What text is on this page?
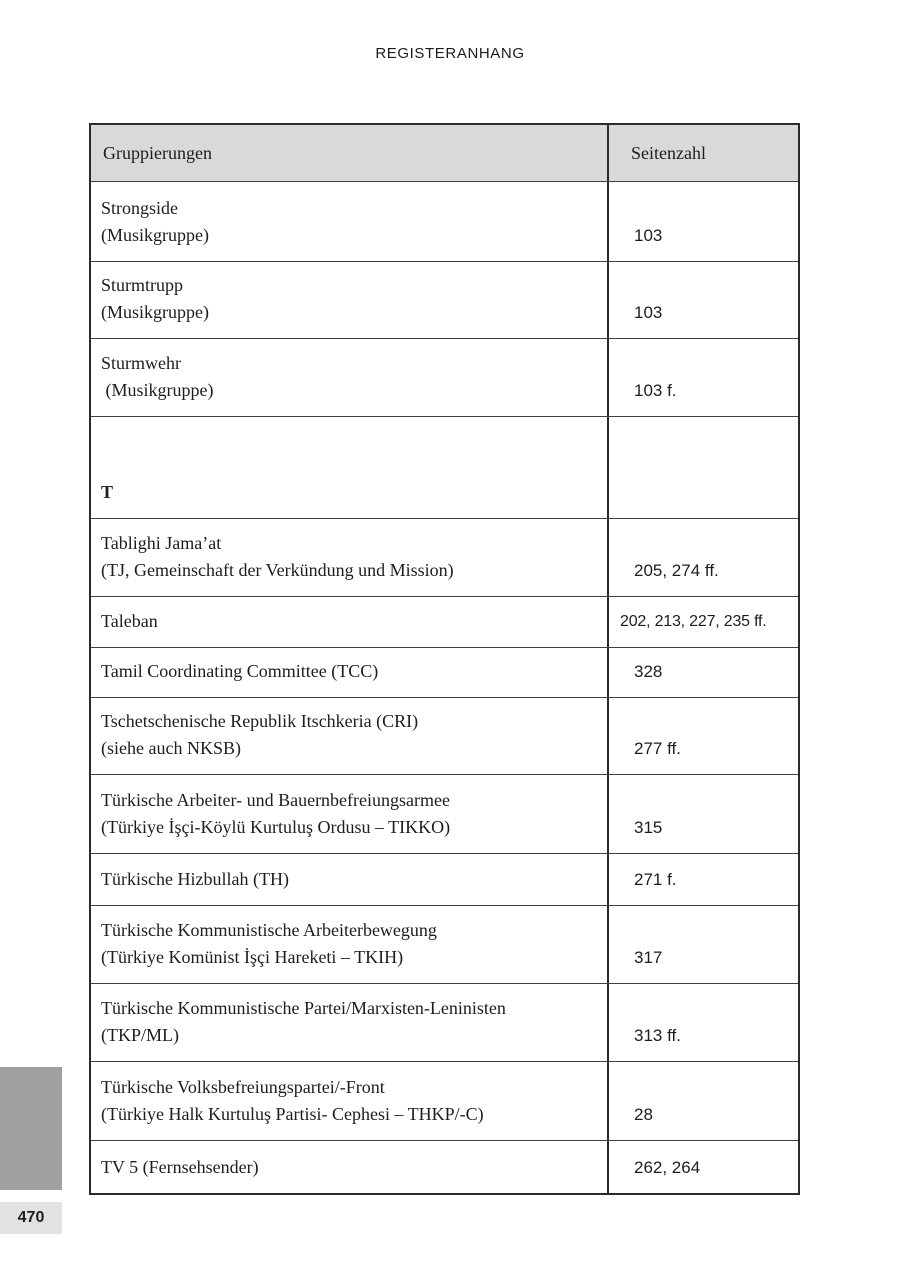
REGISTERANHANG
Gruppierungen	Seitenzahl
Strongside
(Musikgruppe)	103
Sturmtrupp
(Musikgruppe)	103
Sturmwehr
(Musikgruppe)	103 f.
T
Tablighi Jama’at
(TJ, Gemeinschaft der Verkündung und Mission)	205, 274 ff.
Taleban	202, 213, 227, 235 ff.
Tamil Coordinating Committee (TCC)	328
Tschetschenische Republik Itschkeria (CRI)
(siehe auch NKSB)	277 ff.
Türkische Arbeiter- und Bauernbefreiungsarmee
(Türkiye İşçi-Köylü Kurtuluş Ordusu – TIKKO)	315
Türkische Hizbullah (TH)	271 f.
Türkische Kommunistische Arbeiterbewegung
(Türkiye Komünist İşçi Hareketi – TKIH)	317
Türkische Kommunistische Partei/Marxisten-Leninisten
(TKP/ML)	313 ff.
Türkische Volksbefreiungspartei/-Front
(Türkiye Halk Kurtuluş Partisi- Cephesi – THKP/-C)	28
TV 5 (Fernsehsender)	262, 264
470
